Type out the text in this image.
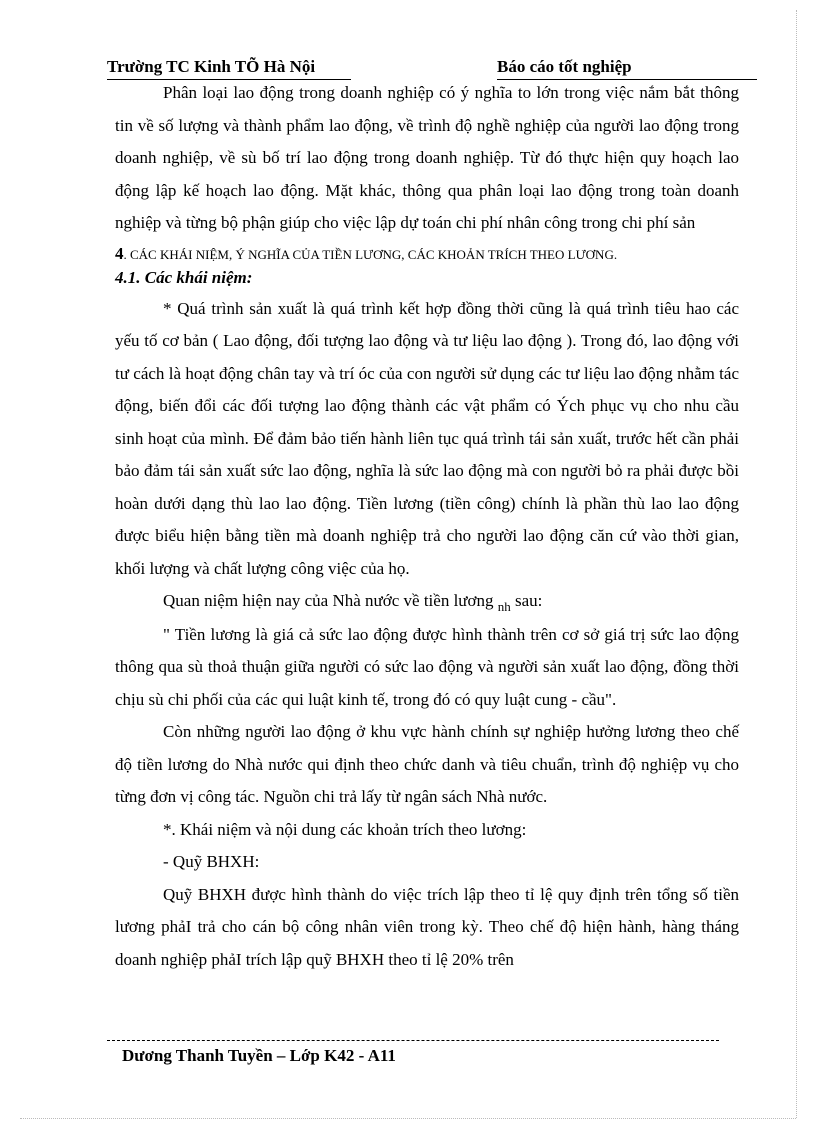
Trường TC Kinh TÕ Hà Nội	Báo cáo tốt nghiệp

Phân loại lao động trong doanh nghiệp có ý nghĩa to lớn trong việc nắm bắt thông tin về số lượng và thành phẩm lao động, về trình độ nghề nghiệp của người lao động trong doanh nghiệp, về sù bố trí lao động trong doanh nghiệp. Từ đó thực hiện quy hoạch lao động lập kế hoạch lao động. Mặt khác, thông qua phân loại lao động trong toàn doanh nghiệp và từng bộ phận giúp cho việc lập dự toán chi phí nhân công trong chi phí sản

4. CÁC KHÁI NIỆM, Ý NGHĨA CỦA TIỀN LƯƠNG, CÁC KHOẢN TRÍCH THEO LƯƠNG.

4.1. Các khái niệm:

* Quá trình sản xuất là quá trình kết hợp đồng thời cũng là quá trình tiêu hao các yếu tố cơ bản ( Lao động, đối tượng lao động và tư liệu lao động ). Trong đó, lao động với tư cách là hoạt động chân tay và trí óc của con người sử dụng các tư liệu lao động nhằm tác động, biến đổi các đối tượng lao động thành các vật phẩm có Ých phục vụ cho nhu cầu sinh hoạt của mình. Để đảm bảo tiến hành liên tục quá trình tái sản xuất, trước hết cần phải bảo đảm tái sản xuất sức lao động, nghĩa là sức lao động mà con người bỏ ra phải được bồi hoàn dưới dạng thù lao lao động. Tiền lương (tiền công) chính là phần thù lao lao động được biểu hiện bằng tiền mà doanh nghiệp trả cho người lao động căn cứ vào thời gian, khối lượng và chất lượng công việc của họ.

Quan niệm hiện nay của Nhà nước về tiền lương $_{nh}$ sau:

" Tiền lương là giá cả sức lao động được hình thành trên cơ sở giá trị sức lao động thông qua sù thoả thuận giữa người có sức lao động và người sản xuất lao động, đồng thời chịu sù chi phối của các qui luật kinh tế, trong đó có quy luật cung - cầu".

Còn những người lao động ở khu vực hành chính sự nghiệp hưởng lương theo chế độ tiền lương do Nhà nước qui định theo chức danh và tiêu chuẩn, trình độ nghiệp vụ cho từng đơn vị công tác. Nguồn chi trả lấy từ ngân sách Nhà nước.

*. Khái niệm và nội dung các khoản trích theo lương:

- Quỹ BHXH:

Quỹ BHXH được hình thành do việc trích lập theo tỉ lệ quy định trên tổng số tiền lương phảI trả cho cán bộ công nhân viên trong kỳ. Theo chế độ hiện hành, hàng tháng doanh nghiệp phảI trích lập quỹ BHXH theo tỉ lệ 20% trên

Dương Thanh Tuyền – Lớp K42 - A11
